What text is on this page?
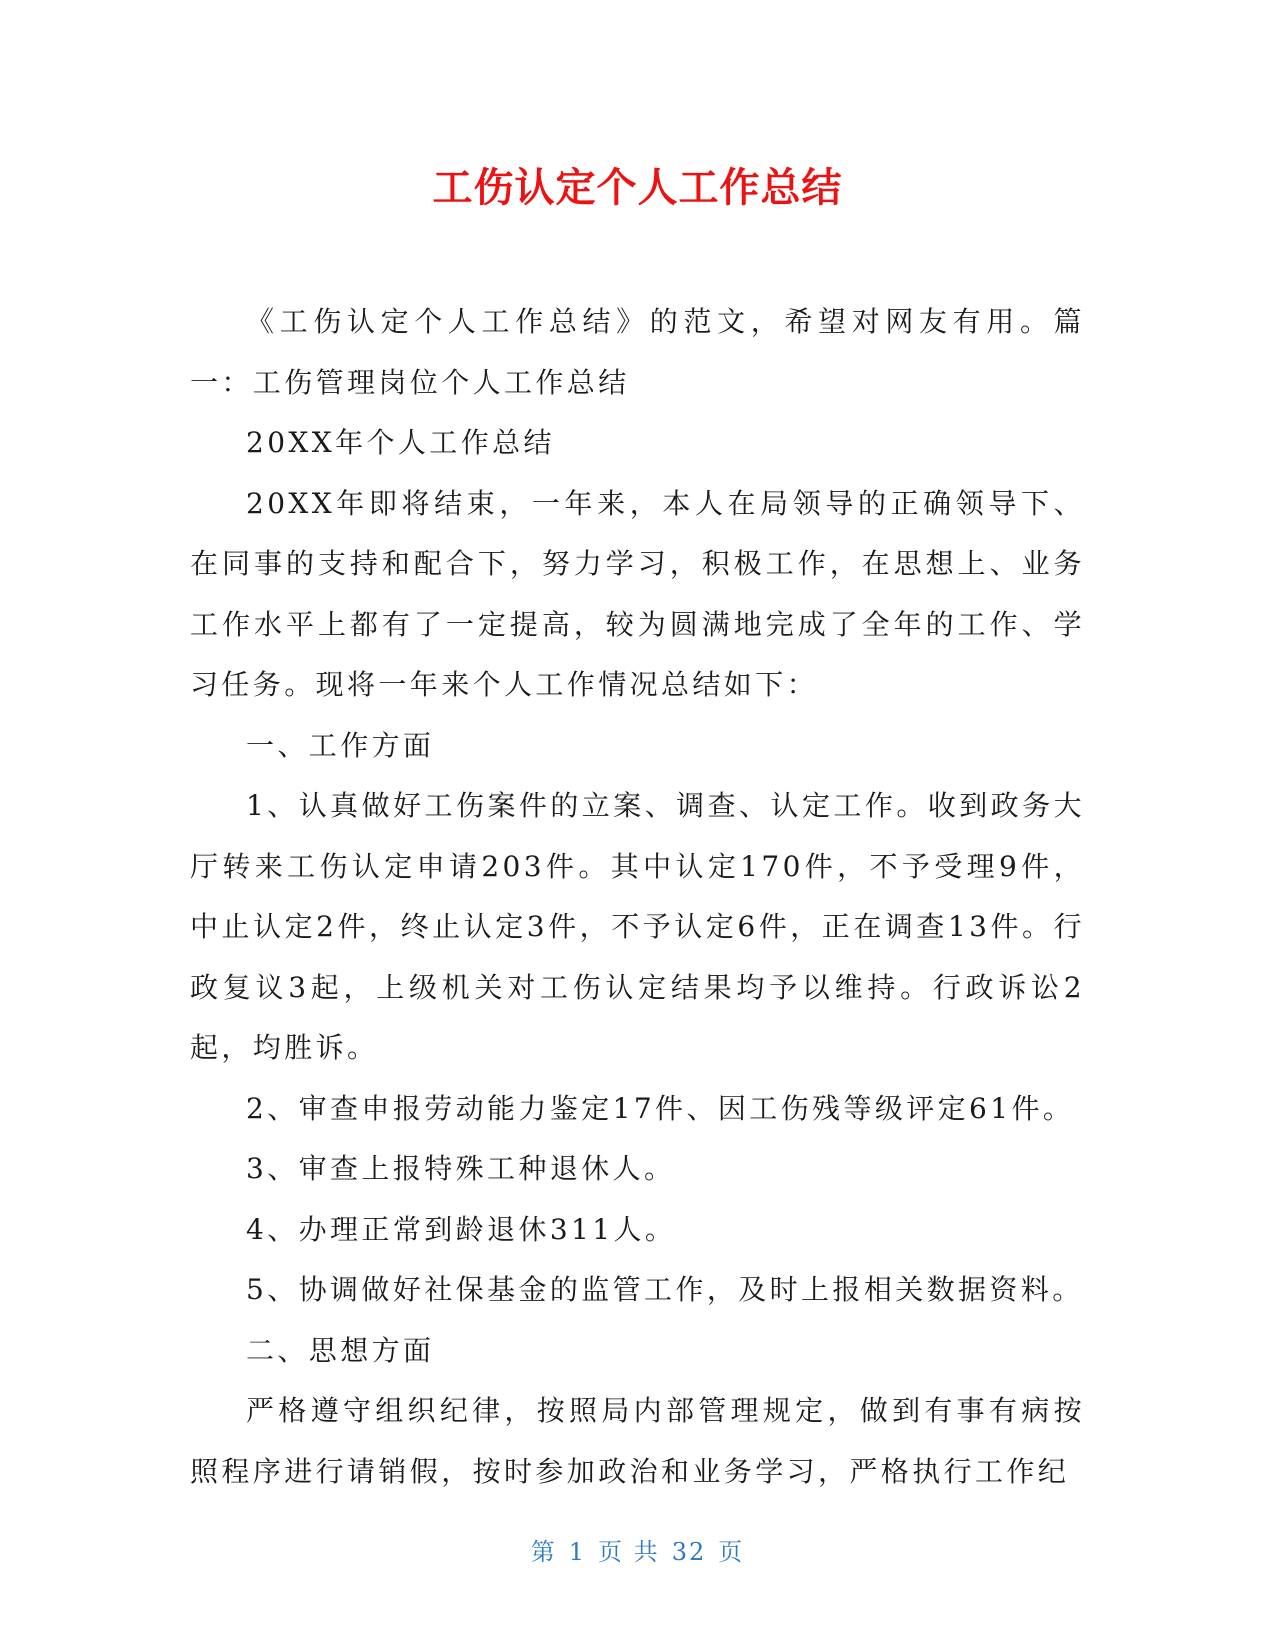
工伤认定个人工作总结

《工伤认定个人工作总结》的范文，希望对网友有用。篇一：工伤管理岗位个人工作总结

20XX年个人工作总结

20XX年即将结束，一年来，本人在局领导的正确领导下、在同事的支持和配合下，努力学习，积极工作，在思想上、业务工作水平上都有了一定提高，较为圆满地完成了全年的工作、学习任务。现将一年来个人工作情况总结如下：

一、工作方面

1、认真做好工伤案件的立案、调查、认定工作。收到政务大厅转来工伤认定申请203件。其中认定170件，不予受理9件，中止认定2件，终止认定3件，不予认定6件，正在调查13件。行政复议3起，上级机关对工伤认定结果均予以维持。行政诉讼2起，均胜诉。

2、审查申报劳动能力鉴定17件、因工伤残等级评定61件。

3、审查上报特殊工种退休人。

4、办理正常到龄退休311人。

5、协调做好社保基金的监管工作，及时上报相关数据资料。

二、思想方面

严格遵守组织纪律，按照局内部管理规定，做到有事有病按照程序进行请销假，按时参加政治和业务学习，严格执行工作纪

第 1 页 共 32 页
